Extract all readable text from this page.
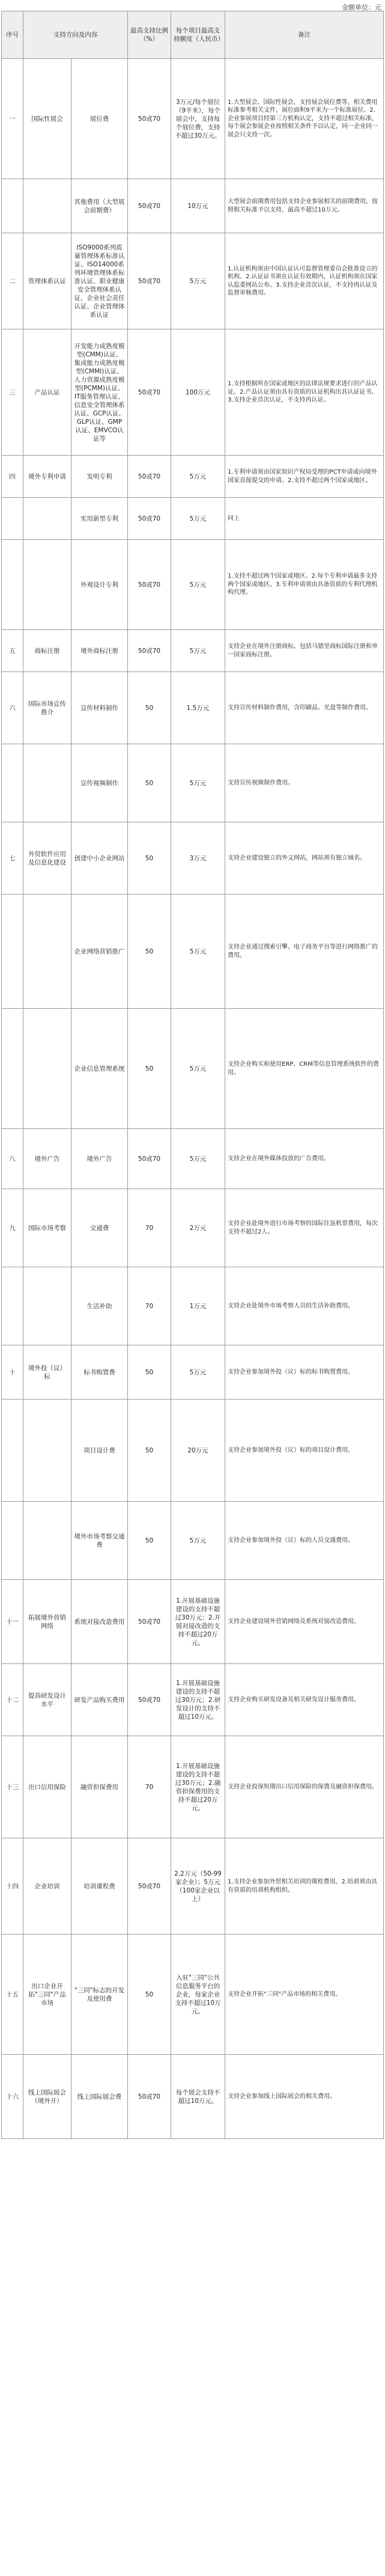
金额单位：元
序号	支持方向及内容		最高支持比例（%）	每个项目最高支持额度（人民币）	备注
一	国际性展会	展位费	50或70	3万元/每个展位（9平米），每个展会中，支持每个展位费，支持不超过30万元。	1.大型展会、国际性展会，支持展会展位费等，相关费用标准参考相关文件，展位面积9平米为一个标准展位。2.企业参展项目经第三方机构认定，支持不超过相关标准，每个展会参展企业按照相关条件予以认定，同一企业同一展会只支持一次。
		其他费用（大型展会前期费）	50或70	10万元	大型展会前期费用包括支持企业参展相关的前期费用，按照相关标准予以支持，最高不超过10万元。
二	管理体系认证	ISO9000系列质量管理体系标准认证、ISO14000系列环境管理体系标准认证、职业健康安全管理体系认证、企业社会责任认证、企业管理体系认证	50或70	5万元	1.认证机构须由中国认证认可监督管理委员会批准设立的机构。2.认证证书须在认证有效期内，认证机构须在国家认监委网站公布。3.支持企业首次认证，不支持再认证及监督审核费用。
三	产品认证	开发能力成熟度模型(CMM)认证、集成能力成熟度模型(CMMI)认证、人力资源成熟度模型(PCMM)认证、IT服务管理认证、信息安全管理体系认证、GCP认证、GLP认证、GMP认证、EMVCO认证等	50或70	100万元	1.支持根据所在国家或地区的法律法规要求进行的产品认证。2.产品认证须由具有资质的认证机构出具认证证书。3.支持企业首次认证，不支持再认证。
四	境外专利申请	发明专利	50或70	5万元	1.专利申请须由国家知识产权局受理的PCT申请或向境外国家直接提交的申请。2.支持不超过两个国家或地区。
		实用新型专利	50或70	5万元	同上
		外观设计专利	50或70	5万元	1.支持不超过两个国家或地区。2.每个专利申请最多支持两个国家或地区。3.专利申请须由具备资质的专利代理机构代理。
五	商标注册	境外商标注册	50或70	5万元	支持企业在境外注册商标，包括马德里商标国际注册和单一国家商标注册。
六	国际市场宣传推介	宣传材料制作	50	1.5万元	支持宣传材料制作费用，含印刷品、光盘等制作费用。
		宣传视频制作	50	5万元	支持宣传视频制作费用。
七	外贸软件应用及信息化建设	创建中小企业网站	50	3万元	支持企业建设独立的外文网站，网站须有独立域名。
		企业网络营销推广	50	5万元	支持企业通过搜索引擎、电子商务平台等进行网络推广的费用。
		企业信息管理系统	50	5万元	支持企业购买和使用ERP、CRM等信息管理系统软件的费用。
八	境外广告	境外广告	50或70	5万元	支持企业在境外媒体投放的广告费用。
九	国际市场考察	交通费	70	2万元	支持企业赴境外进行市场考察的国际往返机票费用，每次支持不超过2人。
		生活补助	70	1万元	支持企业赴境外市场考察人员的生活补助费用。
十	境外投（议）标	标书购置费	50	5万元	支持企业参加境外投（议）标的标书购置费用。
		项目设计费	50	20万元	支持企业参加境外投（议）标的项目设计费用。
		境外市场考察交通费	50	5万元	支持企业参加境外投（议）标的人员交通费用。
十一	拓展境外营销网络	系统对接改造费用	50或70	1.开展基础设施建设的支持不超过30万元；2.开展对接改造的支持不超过20万元。	支持企业建设境外营销网络及系统对接改造费用。
十二	提高研发设计水平	研发产品购买费用	50或70	1.开展基础设施建设的支持不超过30万元；2.研发设计的支持不超过10万元。	支持企业购买研发设备及相关研发设计服务费用。
十三	出口信用保险	融资担保费用	70	1.开展基础设施建设的支持不超过30万元；2.融资担保费用的支持不超过20万元。	支持企业投保短期出口信用保险的保费及融资担保费用。
十四	企业培训	培训课程费	50或70	2.2万元（50-99家企业）；5万元（100家企业以上）	1.支持企业参加外贸相关培训的课程费用。2.培训须由具有资质的培训机构组织。
十五	出口企业开拓"三同"产品市场	"三同"标志的开发及使用费	50	入驻"三同"公共信息服务平台的企业，每家企业支持不超过10万元。	支持企业开拓"三同"产品市场的相关费用。
十六	线上国际展会（境外开）	线上国际展会费	50或70	每个展会支持不超过10万元。	支持企业参加线上国际展会的相关费用。
